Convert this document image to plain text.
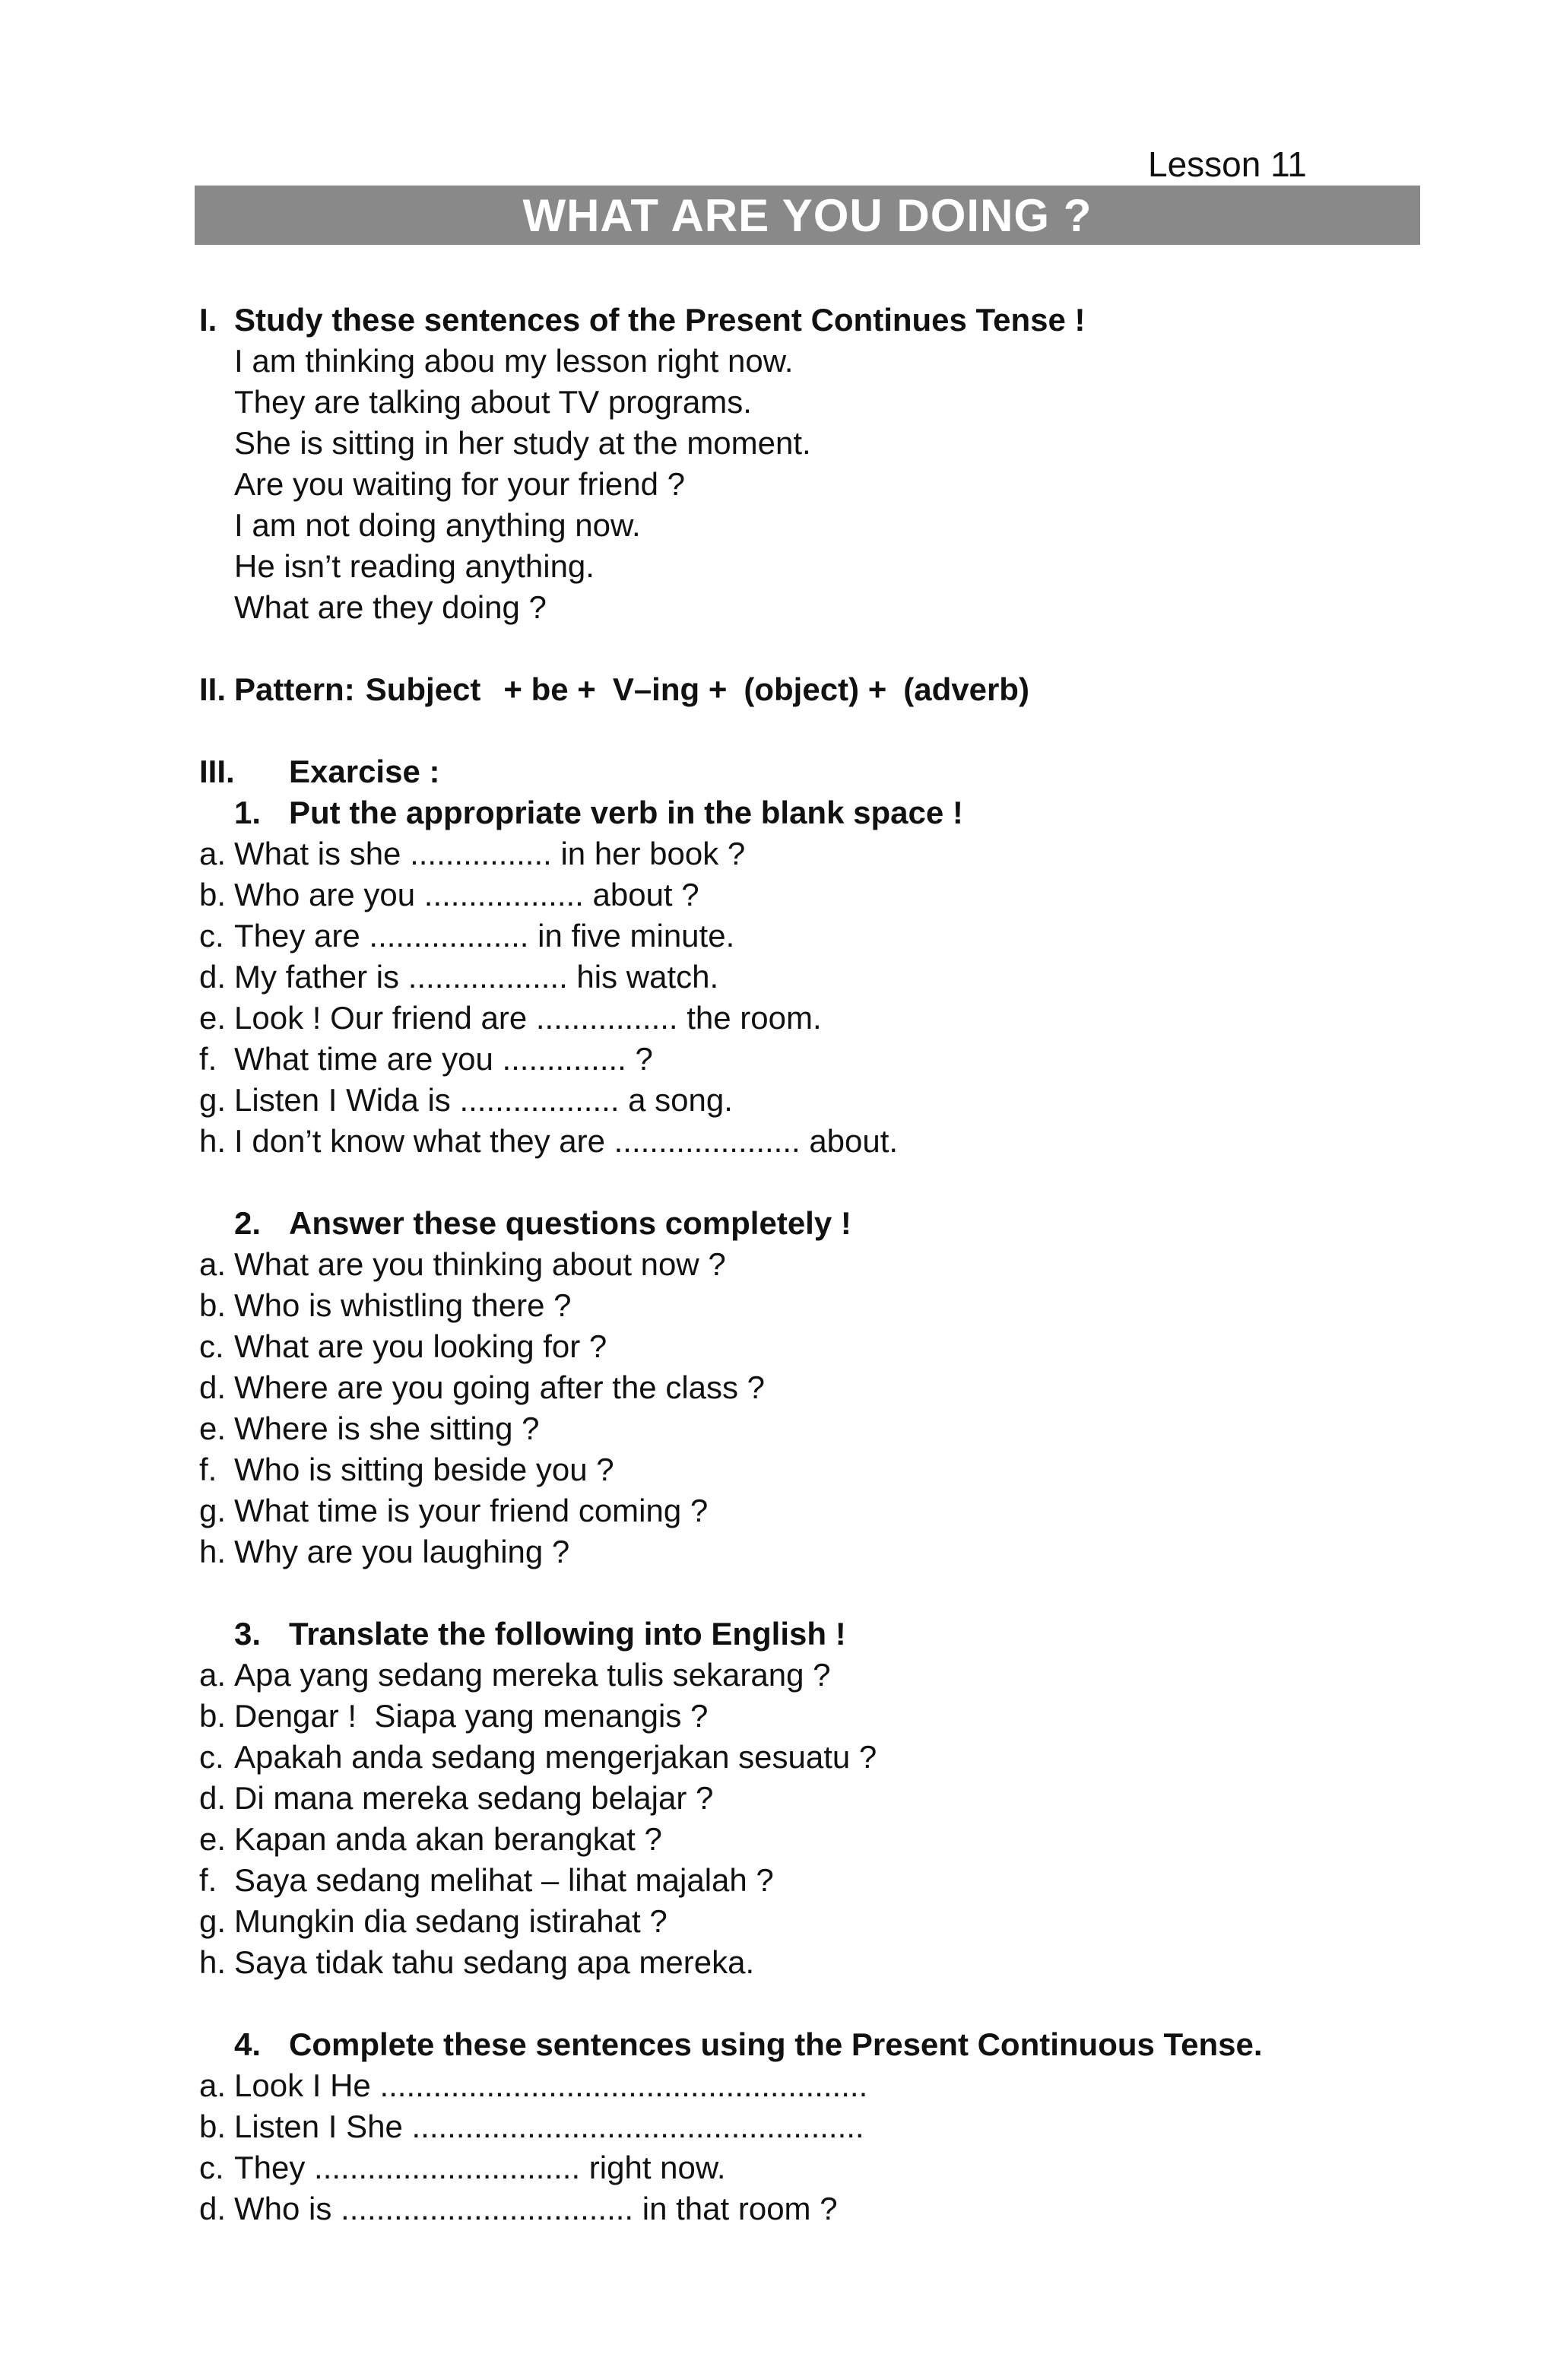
Lesson 11
WHAT ARE YOU DOING ?
I. Study these sentences of the Present Continues Tense !
I am thinking abou my lesson right now.
They are talking about TV programs.
She is sitting in her study at the moment.
Are you waiting for your friend ?
I am not doing anything now.
He isn’t reading anything.
What are they doing ?
II. Pattern: Subject + be + V–ing + (object) + (adverb)
III.	Exarcise :
1. Put the appropriate verb in the blank space !
a. What is she ................ in her book ?
b. Who are you .................. about ?
c. They are .................. in five minute.
d. My father is .................. his watch.
e. Look ! Our friend are ................ the room.
f. What time are you .............. ?
g. Listen I Wida is .................. a song.
h. I don’t know what they are ..................... about.
2. Answer these questions completely !
a. What are you thinking about now ?
b. Who is whistling there ?
c. What are you looking for ?
d. Where are you going after the class ?
e. Where is she sitting ?
f. Who is sitting beside you ?
g. What time is your friend coming ?
h. Why are you laughing ?
3. Translate the following into English !
a. Apa yang sedang mereka tulis sekarang ?
b. Dengar !  Siapa yang menangis ?
c. Apakah anda sedang mengerjakan sesuatu ?
d. Di mana mereka sedang belajar ?
e. Kapan anda akan berangkat ?
f. Saya sedang melihat – lihat majalah ?
g. Mungkin dia sedang istirahat ?
h. Saya tidak tahu sedang apa mereka.
4. Complete these sentences using the Present Continuous Tense.
a. Look I He .......................................................
b. Listen I She ...................................................
c. They .............................. right now.
d. Who is ................................. in that room ?
